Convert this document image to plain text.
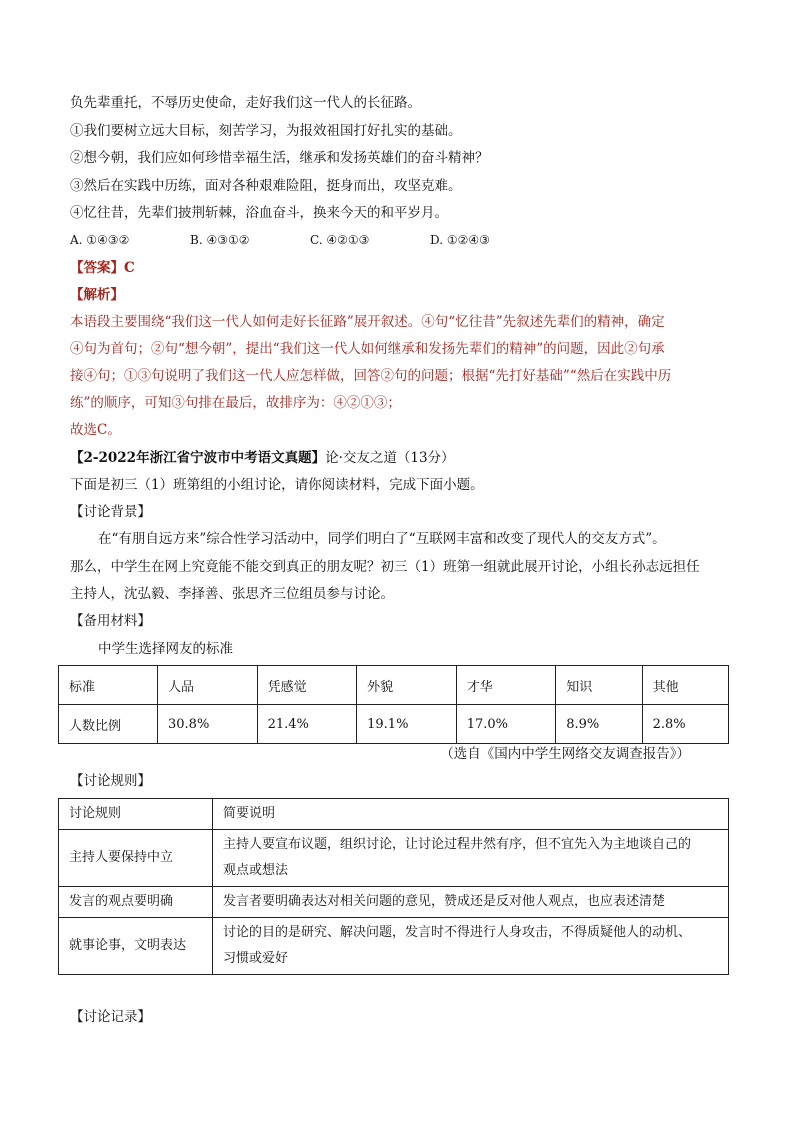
负先辈重托，不辱历史使命，走好我们这一代人的长征路。
①我们要树立远大目标，刻苦学习，为报效祖国打好扎实的基础。
②想今朝，我们应如何珍惜幸福生活，继承和发扬英雄们的奋斗精神？
③然后在实践中历练，面对各种艰难险阻，挺身而出，攻坚克难。
④忆往昔，先辈们披荆斩棘，浴血奋斗，换来今天的和平岁月。
A. ①④③②	B. ④③①②	C. ④②①③	D. ①②④③
【答案】C
【解析】
本语段主要围绕“我们这一代人如何走好长征路”展开叙述。④句“忆往昔”先叙述先辈们的精神，确定
④句为首句；②句“想今朝”，提出“我们这一代人如何继承和发扬先辈们的精神”的问题，因此②句承
接④句；①③句说明了我们这一代人应怎样做，回答②句的问题；根据“先打好基础”“然后在实践中历
练”的顺序，可知③句排在最后，故排序为：④②①③；
故选C。
【2-2022年浙江省宁波市中考语文真题】论·交友之道（13分）
下面是初三（1）班第组的小组讨论，请你阅读材料，完成下面小题。
【讨论背景】
在“有朋自远方来”综合性学习活动中，同学们明白了“互联网丰富和改变了现代人的交友方式”。
那么，中学生在网上究竟能不能交到真正的朋友呢？初三（1）班第一组就此展开讨论，小组长孙志远担任
主持人，沈弘毅、李择善、张思齐三位组员参与讨论。
【备用材料】
中学生选择网友的标准
标准	人品	凭感觉	外貌	才华	知识	其他
人数比例	30.8%	21.4%	19.1%	17.0%	8.9%	2.8%
（选自《国内中学生网络交友调查报告》）
【讨论规则】
讨论规则	简要说明
主持人要保持中立	主持人要宣布议题，组织讨论，让讨论过程井然有序，但不宜先入为主地谈自己的
观点或想法

发言的观点要明确	发言者要明确表达对相关问题的意见，赞成还是反对他人观点，也应表述清楚
就事论事，文明表达	讨论的目的是研究、解决问题，发言时不得进行人身攻击，不得质疑他人的动机、
习惯或爱好
【讨论记录】
